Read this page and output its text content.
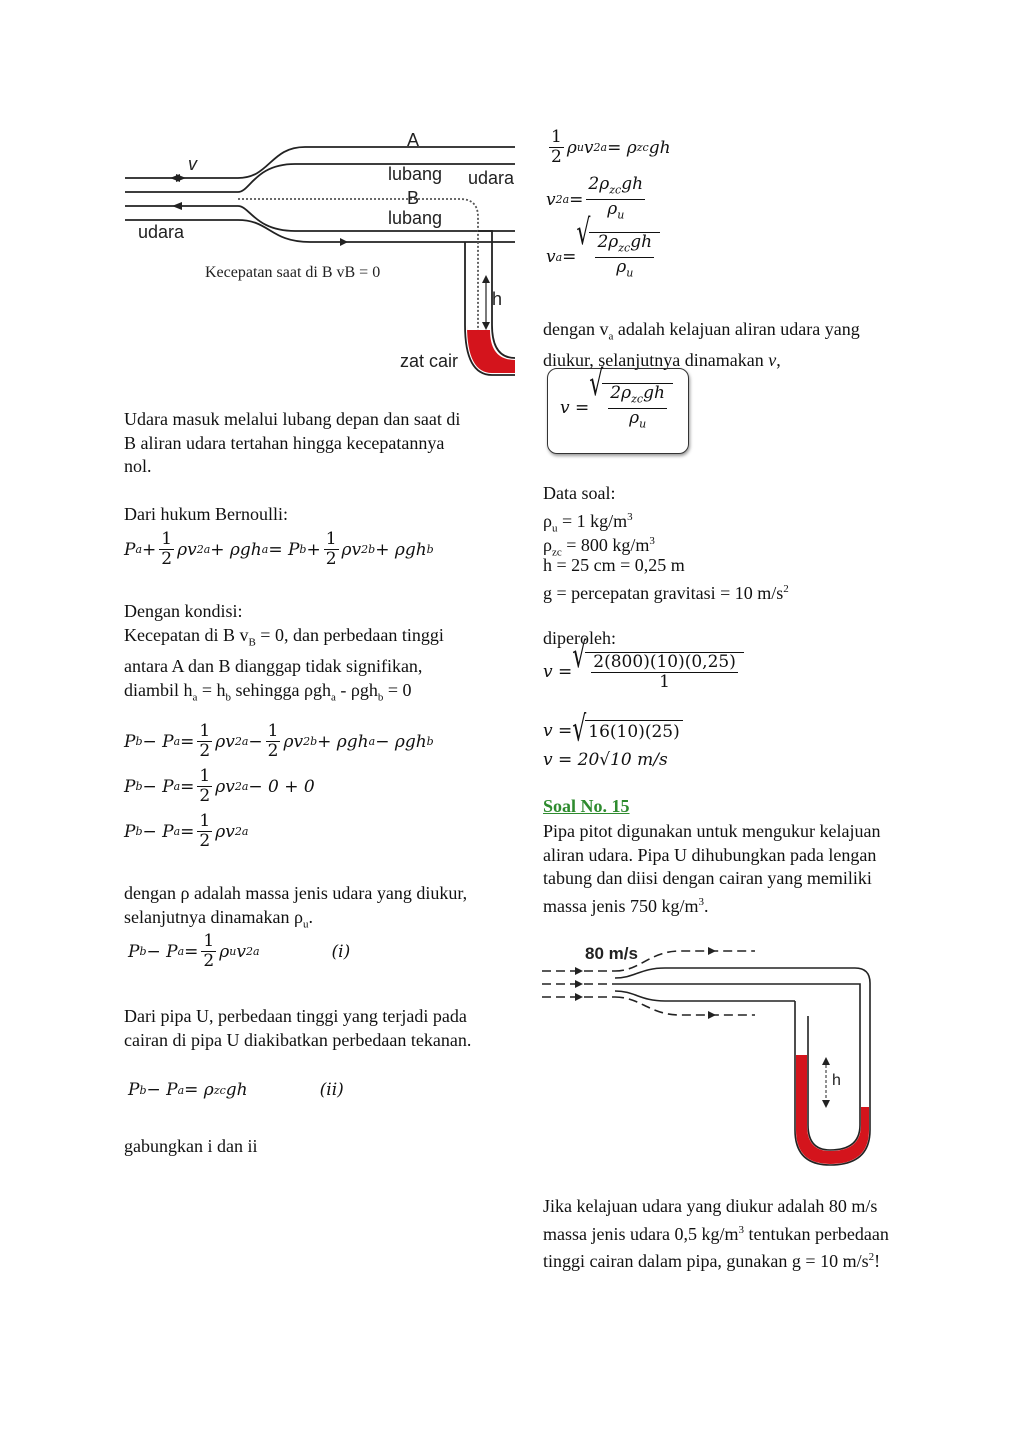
v
A
lubang udara
B
lubang
udara
Kecepatan saat di B vB = 0
h
zat cair

Udara masuk melalui lubang depan dan saat di B aliran udara tertahan hingga kecepatannya nol.

Dari hukum Bernoulli:

P $a + \frac{1}{2}$ ρv 2 a + ρgh a = P $b + \frac{1}{2}$ ρv 2 b + ρgh b

Dengan kondisi:

Kecepatan di B $v_B = 0$, dan perbedaan tinggi antara A dan B dianggap tidak signifikan, diambil $h_a = h_b$ sehingga ρgh$_a$ - ρgh$_b$ = 0

P b − P $a = \frac{1}{2}$ ρv 2 $a - \frac{1}{2}$ ρv 2 b + ρgh a − ρgh b
P b − P $a = \frac{1}{2}$ ρv 2 a − 0 + 0
P b − P $a = \frac{1}{2}$ ρv 2 a

dengan ρ adalah massa jenis udara yang diukur, selanjutnya dinamakan $\rho_u$.

P b − P $a = \frac{1}{2}$ ρ u v 2 a	(i)

Dari pipa U, perbedaan tinggi yang terjadi pada cairan di pipa U diakibatkan perbedaan tekanan.

P b − P a = ρ zc gh	(ii)

gabungkan i dan ii

$\frac{1}{2}$ ρ u v 2 a = ρ zc gh
v 2 $a = \frac{2\rho_{zc}gh}{\rho_u}$
v a =
√ $\frac{2\rho_{zc}gh}{\rho_u}$

dengan $v_a$ adalah kelajuan aliran udara yang diukur, selanjutnya dinamakan v,

v =
√ $\frac{2\rho_{zc}gh}{\rho_u}$

Data soal:

$\rho_u = 1$ $kg/m^3$

$\rho_{zc} = 800$ $kg/m^3$

h = 25 cm = 0,25 m

g = percepatan gravitasi = 10 $m/s^2$

diperoleh:

v = √ $\frac{2(800)(10)(0,25)}{1}$
v = √ 16(10)(25)
v = 20√10 m/s

Soal No. 15

Pipa pitot digunakan untuk mengukur kelajuan aliran udara. Pipa U dihubungkan pada lengan tabung dan diisi dengan cairan yang memiliki massa jenis 750 $kg/m^3$.

80 m/s
h

Jika kelajuan udara yang diukur adalah 80 m/s massa jenis udara 0,5 $kg/m^3$ tentukan perbedaan tinggi cairan dalam pipa, gunakan g = 10 $m/s^2$!
